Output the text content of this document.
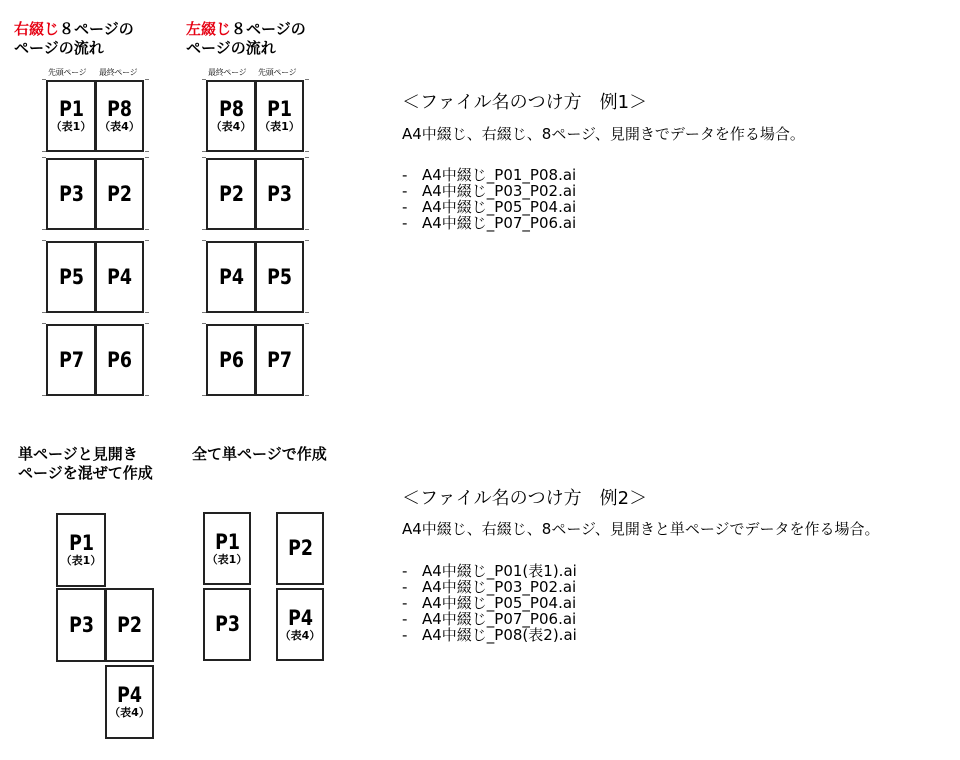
右綴じ８ページの
ページの流れ
先頭ページ 最終ページ
P1
（表1）
P8
（表4）
P3 P2
P5 P4
P7 P6
左綴じ８ページの
ページの流れ
最終ページ 先頭ページ
P8
（表4）
P1
（表1）
P2 P3
P4 P5
P6 P7
単ページと見開き
ページを混ぜて作成
P1
（表1）
P3 P2
P4
（表4）
全て単ページで作成
P1
（表1） P2
P3 P4
（表4）
＜ファイル名のつけ方　例1＞
A4中綴じ、右綴じ、8ページ、見開きでデータを作る場合。
- A4中綴じ_P01_P08.ai
- A4中綴じ_P03_P02.ai
- A4中綴じ_P05_P04.ai
- A4中綴じ_P07_P06.ai
＜ファイル名のつけ方　例2＞
A4中綴じ、右綴じ、8ページ、見開きと単ページでデータを作る場合。
- A4中綴じ_P01(表1).ai
- A4中綴じ_P03_P02.ai
- A4中綴じ_P05_P04.ai
- A4中綴じ_P07_P06.ai
- A4中綴じ_P08(表2).ai
